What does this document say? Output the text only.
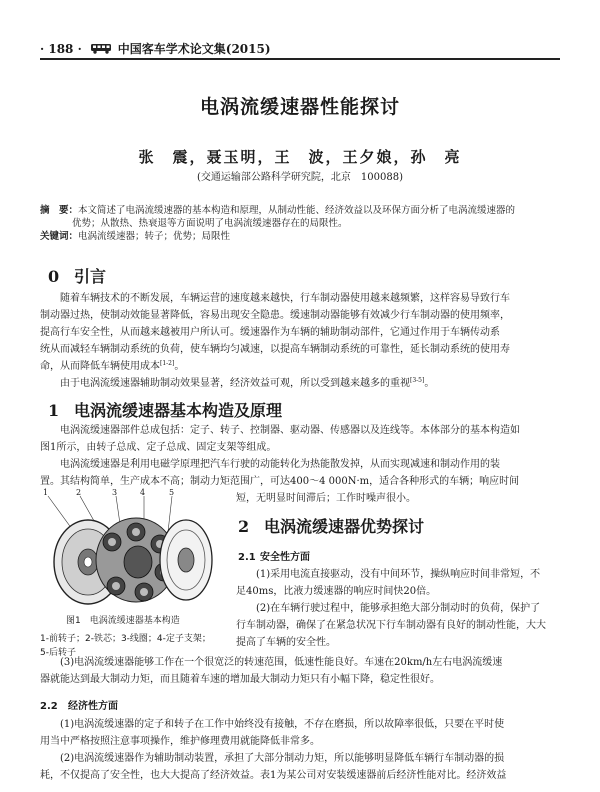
· 188 ·	中国客车学术论文集(2015)
电涡流缓速器性能探讨
张　震，聂玉明，王　波，王夕娘，孙　亮
(交通运输部公路科学研究院，北京　100088)
摘　要：本文简述了电涡流缓速器的基本构造和原理，从制动性能、经济效益以及环保方面分析了电涡流缓速器的
优势；从散热、热衰退等方面说明了电涡流缓速器存在的局限性。
关键词：电涡流缓速器；转子；优势；局限性
0 引言
随着车辆技术的不断发展，车辆运营的速度越来越快，行车制动器使用越来越频繁，这样容易导致行车
制动器过热，使制动效能显著降低，容易出现安全隐患。缓速制动器能够有效减少行车制动器的使用频率，
提高行车安全性，从而越来越被用户所认可。缓速器作为车辆的辅助制动部件，它通过作用于车辆传动系
统从而减轻车辆制动系统的负荷，使车辆均匀减速，以提高车辆制动系统的可靠性，延长制动系统的使用寿
命，从而降低车辆使用成本[1-2]。
由于电涡流缓速器辅助制动效果显著，经济效益可观，所以受到越来越多的重视[3-5]。
1 电涡流缓速器基本构造及原理
电涡流缓速器部件总成包括：定子、转子、控制器、驱动器、传感器以及连线等。本体部分的基本构造如
图1所示，由转子总成、定子总成、固定支架等组成。
电涡流缓速器是利用电磁学原理把汽车行驶的动能转化为热能散发掉，从而实现减速和制动作用的装
置。其结构简单，生产成本不高；制动力矩范围广，可达400～4 000N·m，适合各种形式的车辆；响应时间
短，无明显时间滞后；工作时噪声很小。
1	2	3	4	5
图1　电涡流缓速器基本构造
1-前转子；2-铁芯；3-线圈；4-定子支架；
5-后转子
2 电涡流缓速器优势探讨
2.1 安全性方面
(1)采用电流直接驱动，没有中间环节，操纵响应时间非常短，不
足40ms，比液力缓速器的响应时间快20倍。
(2)在车辆行驶过程中，能够承担绝大部分制动时的负荷，保护了
行车制动器，确保了在紧急状况下行车制动器有良好的制动性能，大大
提高了车辆的安全性。
(3)电涡流缓速器能够工作在一个很宽泛的转速范围，低速性能良好。车速在20km/h左右电涡流缓速
器就能达到最大制动力矩，而且随着车速的增加最大制动力矩只有小幅下降，稳定性很好。
2.2 经济性方面
(1)电涡流缓速器的定子和转子在工作中始终没有接触，不存在磨损，所以故障率很低，只要在平时使
用当中严格按照注意事项操作，维护修理费用就能降低非常多。
(2)电涡流缓速器作为辅助制动装置，承担了大部分制动力矩，所以能够明显降低车辆行车制动器的损
耗，不仅提高了安全性，也大大提高了经济效益。表1为某公司对安装缓速器前后经济性能对比。经济效益
